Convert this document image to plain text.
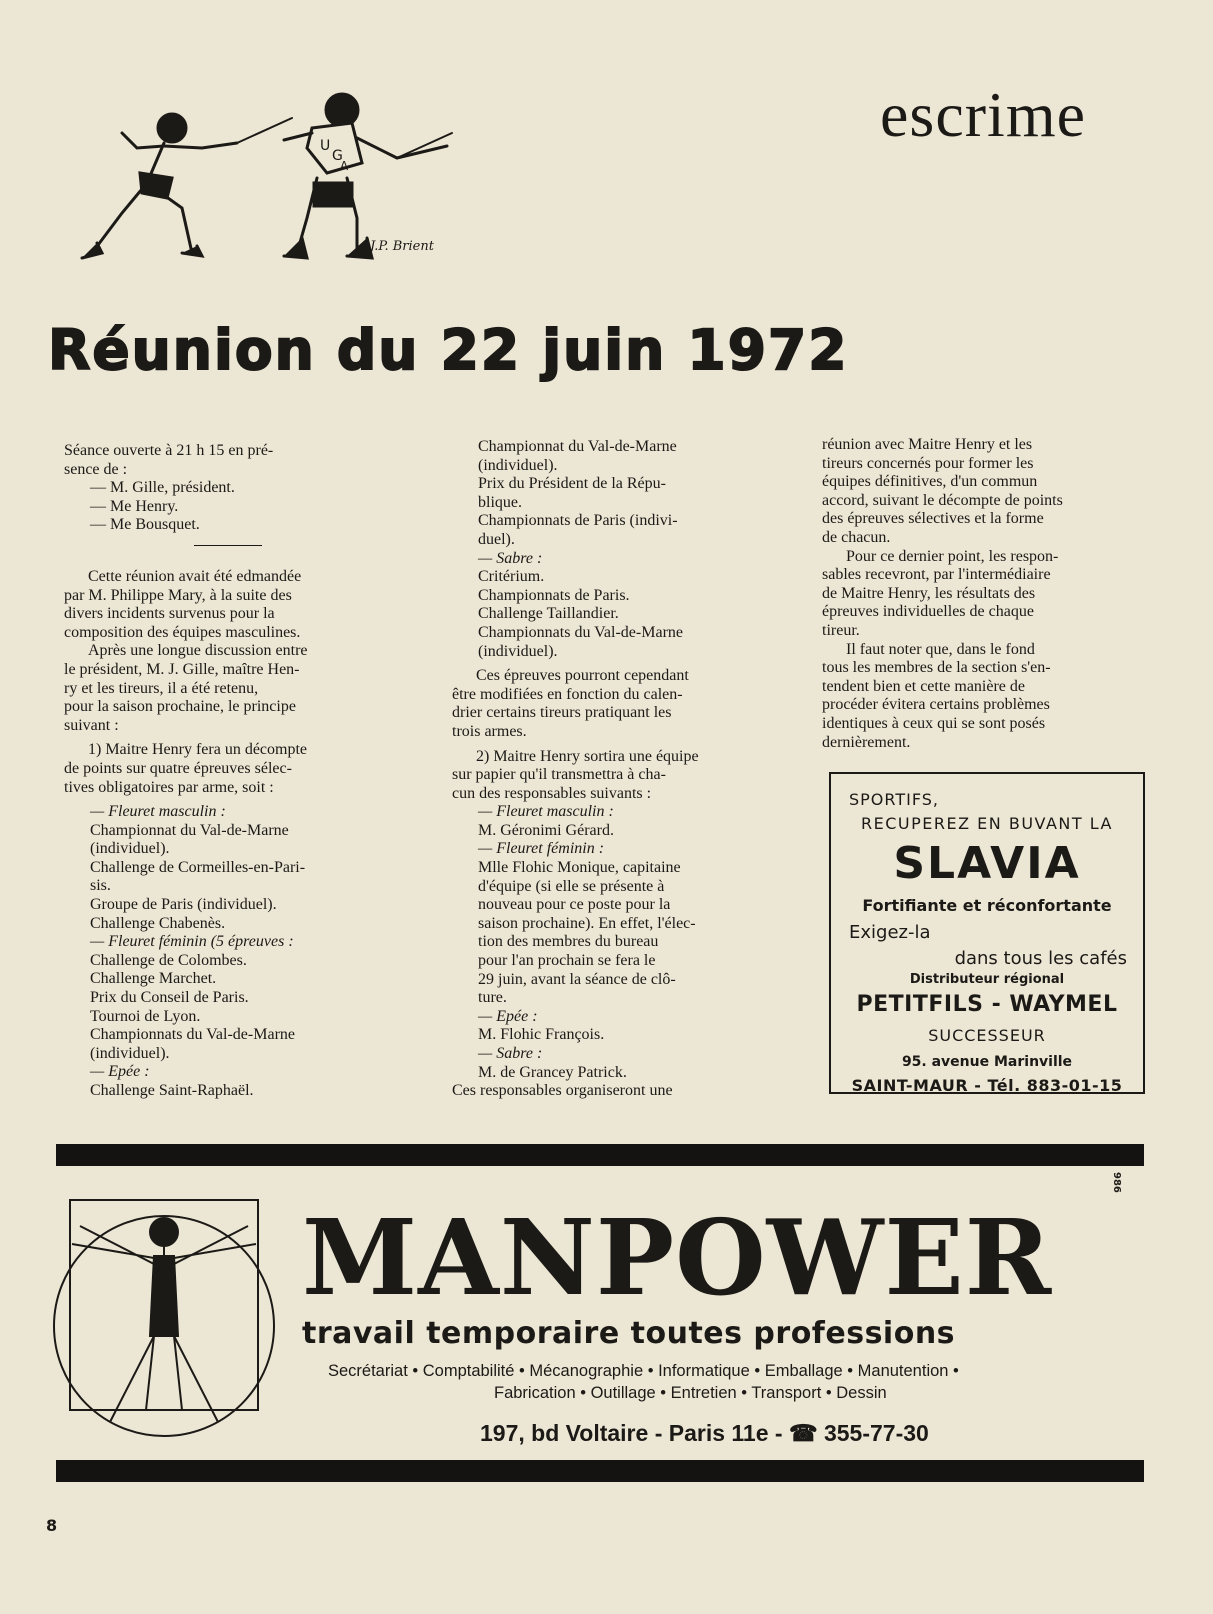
escrime
U
G
A
J.P. Brient
Réunion du 22 juin 1972

Séance ouverte à 21 h 15 en pré-

sence de :

— M. Gille, président.

— Me Henry.

— Me Bousquet.

Cette réunion avait été edmandée

par M. Philippe Mary, à la suite des

divers incidents survenus pour la

composition des équipes masculines.

Après une longue discussion entre

le président, M. J. Gille, maître Hen-

ry et les tireurs, il a été retenu,

pour la saison prochaine, le principe

suivant :

1) Maitre Henry fera un décompte

de points sur quatre épreuves sélec-

tives obligatoires par arme, soit :

— Fleuret masculin :

Championnat du Val-de-Marne

(individuel).

Challenge de Cormeilles-en-Pari-

sis.

Groupe de Paris (individuel).

Challenge Chabenès.

— Fleuret féminin (5 épreuves :

Challenge de Colombes.

Challenge Marchet.

Prix du Conseil de Paris.

Tournoi de Lyon.

Championnats du Val-de-Marne

(individuel).

— Epée :

Challenge Saint-Raphaël.

Championnat du Val-de-Marne

(individuel).

Prix du Président de la Répu-

blique.

Championnats de Paris (indivi-

duel).

— Sabre :

Critérium.

Championnats de Paris.

Challenge Taillandier.

Championnats du Val-de-Marne

(individuel).

Ces épreuves pourront cependant

être modifiées en fonction du calen-

drier certains tireurs pratiquant les

trois armes.

2) Maitre Henry sortira une équipe

sur papier qu'il transmettra à cha-

cun des responsables suivants :

— Fleuret masculin :

M. Géronimi Gérard.

— Fleuret féminin :

Mlle Flohic Monique, capitaine

d'équipe (si elle se présente à

nouveau pour ce poste pour la

saison prochaine). En effet, l'élec-

tion des membres du bureau

pour l'an prochain se fera le

29 juin, avant la séance de clô-

ture.

— Epée :

M. Flohic François.

— Sabre :

M. de Grancey Patrick.

Ces responsables organiseront une

réunion avec Maitre Henry et les

tireurs concernés pour former les

équipes définitives, d'un commun

accord, suivant le décompte de points

des épreuves sélectives et la forme

de chacun.

Pour ce dernier point, les respon-

sables recevront, par l'intermédiaire

de Maitre Henry, les résultats des

épreuves individuelles de chaque

tireur.

Il faut noter que, dans le fond

tous les membres de la section s'en-

tendent bien et cette manière de

procéder évitera certains problèmes

identiques à ceux qui se sont posés

dernièrement.

SPORTIFS,
RECUPEREZ EN BUVANT LA
SLAVIA
Fortifiante et réconfortante
Exigez-la
dans tous les cafés
Distributeur régional
PETITFILS - WAYMEL
SUCCESSEUR
95. avenue Marinville
SAINT-MAUR - Tél. 883-01-15
MANPOWER
travail temporaire toutes professions
Secrétariat • Comptabilité • Mécanographie • Informatique • Emballage • Manutention •
Fabrication • Outillage • Entretien • Transport • Dessin
197, bd Voltaire - Paris 11e - ☎ 355-77-30
986
8
